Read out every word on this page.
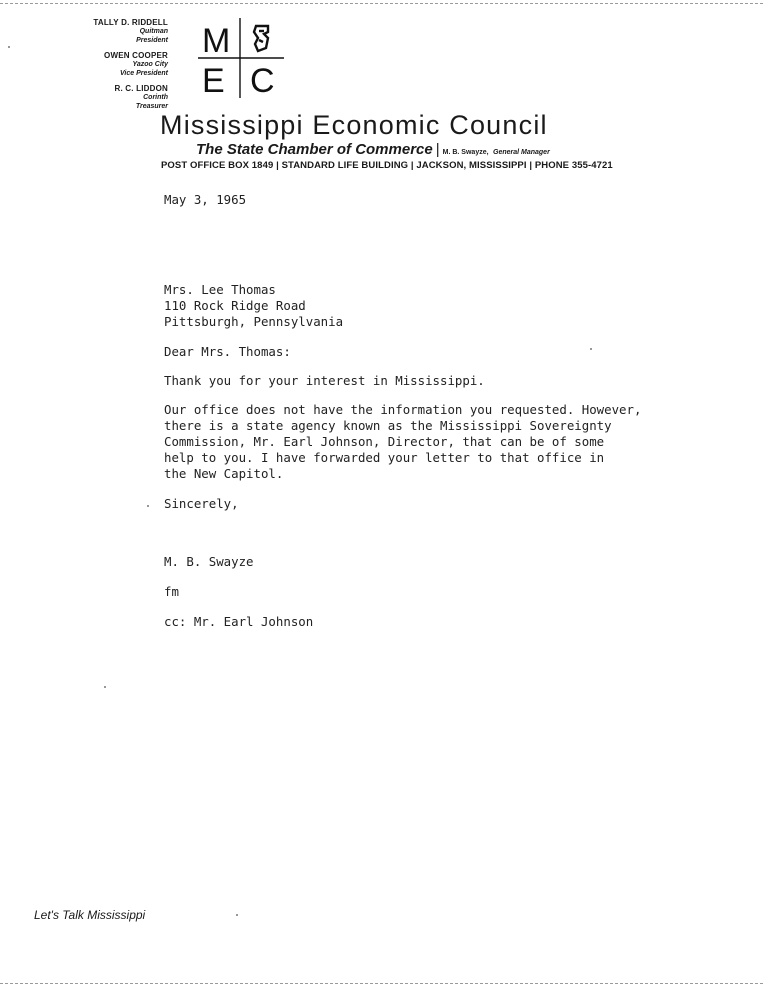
TALLY D. RIDDELL
Quitman
President
OWEN COOPER
Yazoo City
Vice President
R. C. LIDDON
Corinth
Treasurer
M
E C
Mississippi Economic Council
The State Chamber of Commerce | M. B. Swayze, General Manager
POST OFFICE BOX 1849 | STANDARD LIFE BUILDING | JACKSON, MISSISSIPPI | PHONE 355-4721
May 3, 1965
Mrs. Lee Thomas
110 Rock Ridge Road
Pittsburgh, Pennsylvania
Dear Mrs. Thomas:
Thank you for your interest in Mississippi.
Our office does not have the information you requested. However,
there is a state agency known as the Mississippi Sovereignty
Commission, Mr. Earl Johnson, Director, that can be of some
help to you. I have forwarded your letter to that office in
the New Capitol.
Sincerely,
M. B. Swayze
fm
cc: Mr. Earl Johnson
Let's Talk Mississippi
